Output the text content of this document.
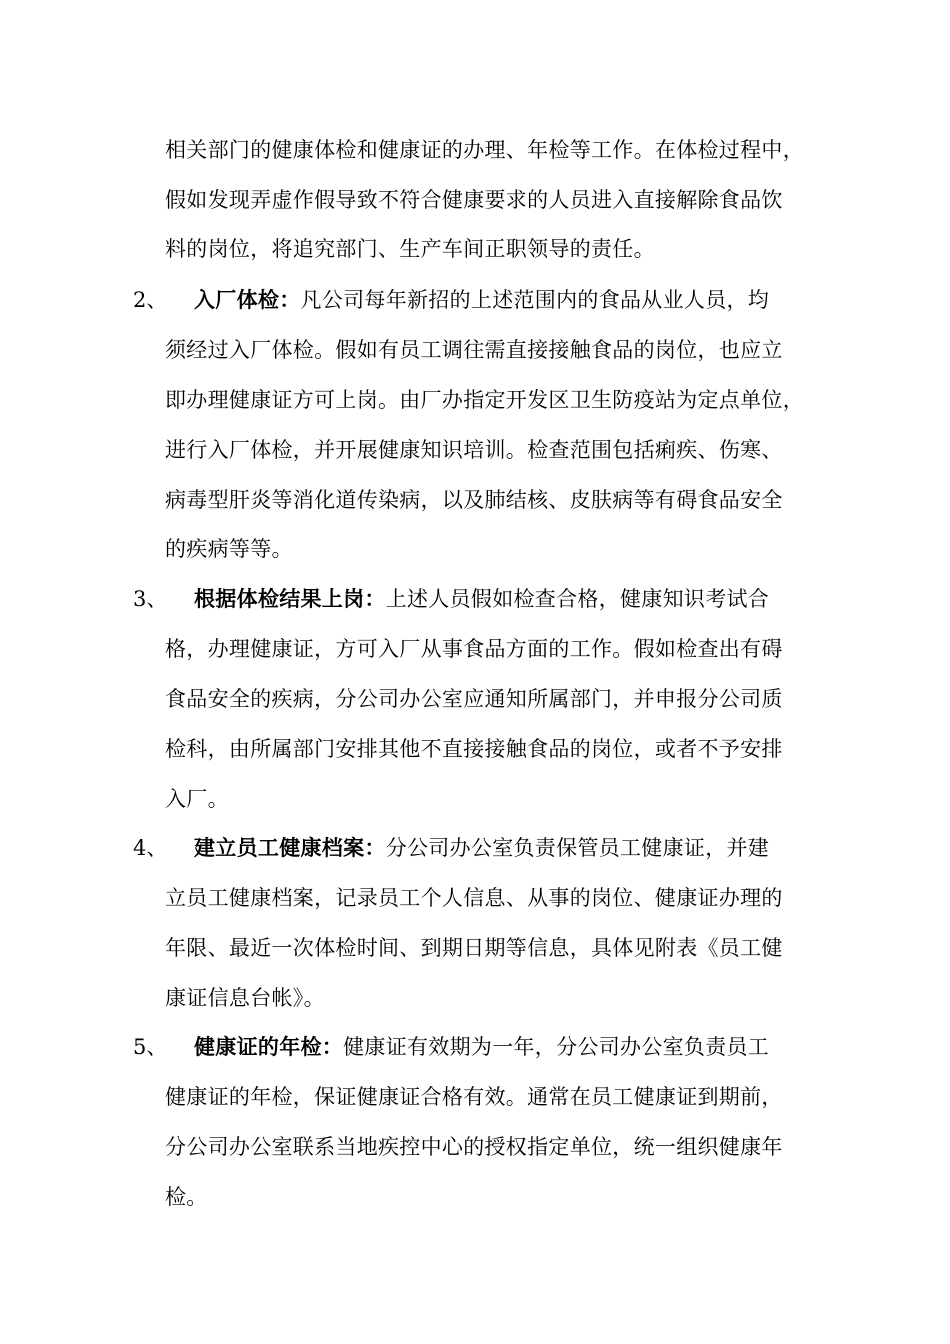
相关部门的健康体检和健康证的办理、年检等工作。在体检过程中，
假如发现弄虚作假导致不符合健康要求的人员进入直接解除食品饮
料的岗位，将追究部门、生产车间正职领导的责任。
2、 入厂体检：凡公司每年新招的上述范围内的食品从业人员，均
须经过入厂体检。假如有员工调往需直接接触食品的岗位，也应立
即办理健康证方可上岗。由厂办指定开发区卫生防疫站为定点单位，
进行入厂体检，并开展健康知识培训。检查范围包括痢疾、伤寒、
病毒型肝炎等消化道传染病，以及肺结核、皮肤病等有碍食品安全
的疾病等等。
3、 根据体检结果上岗：上述人员假如检查合格，健康知识考试合
格，办理健康证，方可入厂从事食品方面的工作。假如检查出有碍
食品安全的疾病，分公司办公室应通知所属部门，并申报分公司质
检科，由所属部门安排其他不直接接触食品的岗位，或者不予安排
入厂。
4、 建立员工健康档案：分公司办公室负责保管员工健康证，并建
立员工健康档案，记录员工个人信息、从事的岗位、健康证办理的
年限、最近一次体检时间、到期日期等信息，具体见附表《员工健
康证信息台帐》。
5、 健康证的年检：健康证有效期为一年，分公司办公室负责员工
健康证的年检，保证健康证合格有效。通常在员工健康证到期前，
分公司办公室联系当地疾控中心的授权指定单位，统一组织健康年
检。
